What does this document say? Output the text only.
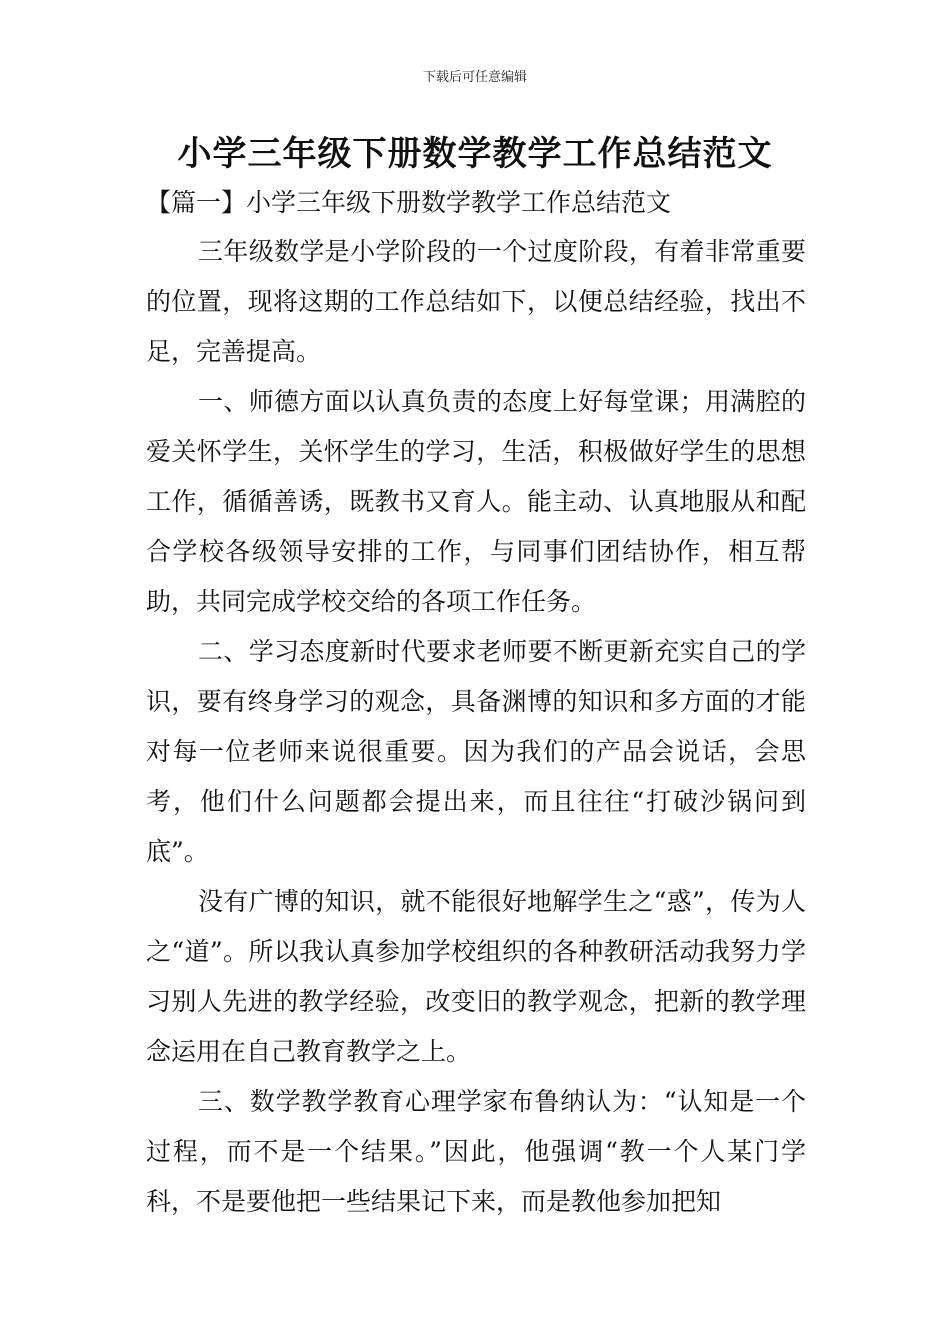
下载后可任意编辑
小学三年级下册数学教学工作总结范文
【篇一】小学三年级下册数学教学工作总结范文

三年级数学是小学阶段的一个过度阶段，有着非常重要的位置，现将这期的工作总结如下，以便总结经验，找出不足，完善提高。

一、师德方面以认真负责的态度上好每堂课；用满腔的爱关怀学生，关怀学生的学习，生活，积极做好学生的思想工作，循循善诱，既教书又育人。能主动、认真地服从和配合学校各级领导安排的工作，与同事们团结协作，相互帮助，共同完成学校交给的各项工作任务。

二、学习态度新时代要求老师要不断更新充实自己的学识，要有终身学习的观念，具备渊博的知识和多方面的才能对每一位老师来说很重要。因为我们的产品会说话，会思考，他们什么问题都会提出来，而且往往“打破沙锅问到底”。

没有广博的知识，就不能很好地解学生之“惑”，传为人之“道”。所以我认真参加学校组织的各种教研活动我努力学习别人先进的教学经验，改变旧的教学观念，把新的教学理念运用在自己教育教学之上。

三、数学教学教育心理学家布鲁纳认为：“认知是一个过程，而不是一个结果。”因此，他强调“教一个人某门学科，不是要他把一些结果记下来，而是教他参加把知
